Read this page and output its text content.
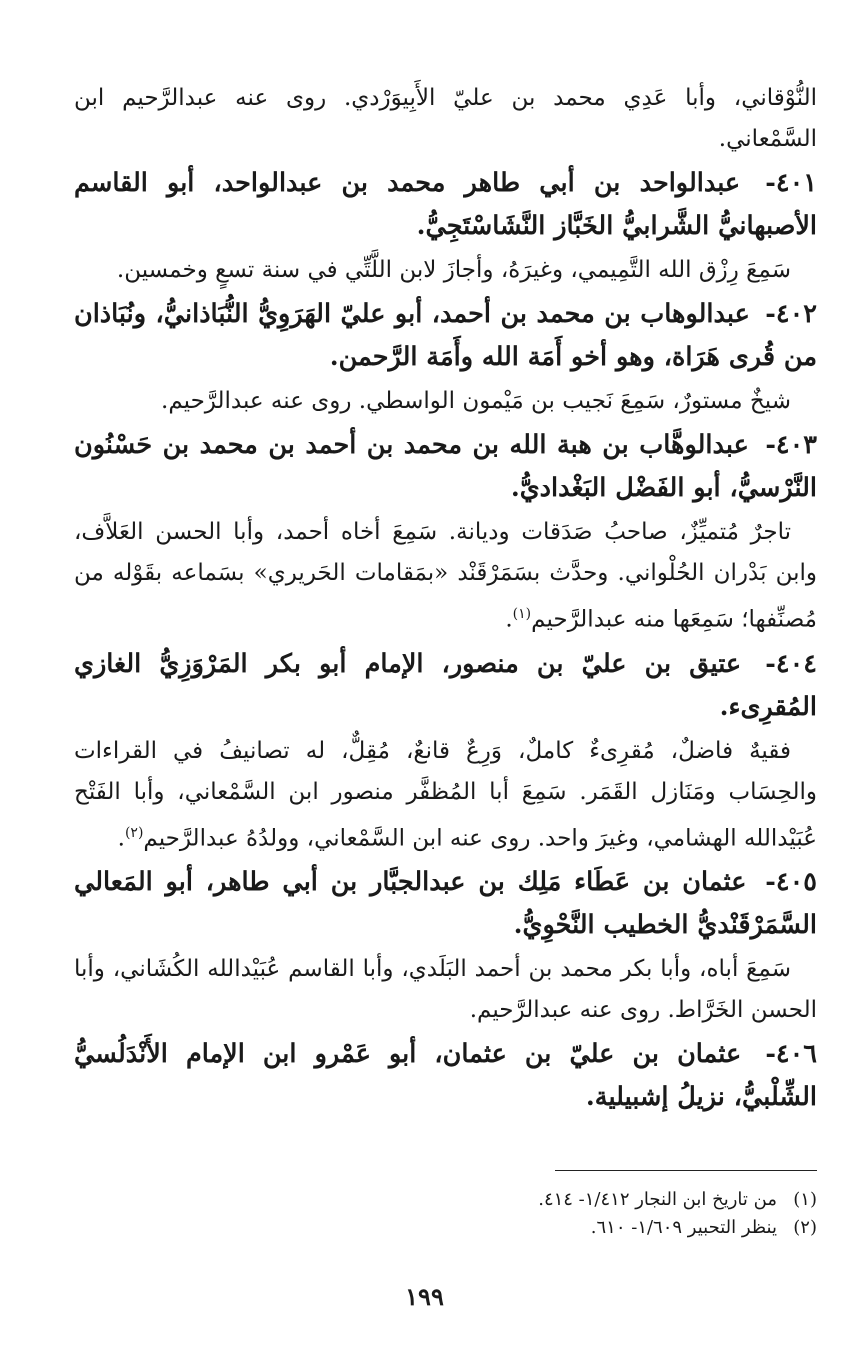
النُّوْقاني، وأبا عَدِي محمد بن عليّ الأَبِيوَرْدي. روى عنه عبدالرَّحيم ابن السَّمْعاني.

٤٠١- عبدالواحد بن أبي طاهر محمد بن عبدالواحد، أبو القاسم الأصبهانيُّ الشَّرابيُّ الخَبَّاز النَّشَاسْتَجِيُّ.

سَمِعَ رِزْق الله التَّمِيمي، وغيرَهُ، وأجازَ لابن اللَّتِّي في سنة تسعٍ وخمسين.

٤٠٢- عبدالوهاب بن محمد بن أحمد، أبو عليّ الهَرَوِيُّ النُّبَاذانيُّ، ونُبَاذان من قُرى هَرَاة، وهو أخو أَمَة الله وأَمَة الرَّحمن.

شيخٌ مستورٌ، سَمِعَ نَجيب بن مَيْمون الواسطي. روى عنه عبدالرَّحيم.

٤٠٣- عبدالوهَّاب بن هبة الله بن محمد بن أحمد بن محمد بن حَسْنُون النَّرْسيُّ، أبو الفَضْل البَغْداديُّ.

تاجرٌ مُتميِّزٌ، صاحبُ صَدَقات وديانة. سَمِعَ أخاه أحمد، وأبا الحسن العَلاَّف، وابن بَدْران الحُلْواني. وحدَّث بسَمَرْقَنْد «بمَقامات الحَريري» بسَماعه بقَوْله من مُصنِّفها؛ سَمِعَها منه عبدالرَّحيم$^{(١)}$.

٤٠٤- عتيق بن عليّ بن منصور، الإمام أبو بكر المَرْوَزِيُّ الغازي المُقرِىء.

فقيهٌ فاضلٌ، مُقرِىءٌ كاملٌ، وَرِعٌ قانعٌ، مُقِلٌّ، له تصانيفُ في القراءات والحِسَاب ومَنَازل القَمَر. سَمِعَ أبا المُظفَّر منصور ابن السَّمْعاني، وأبا الفَتْح عُبَيْدالله الهشامي، وغيرَ واحد. روى عنه ابن السَّمْعاني، وولدُهُ عبدالرَّحيم$^{(٢)}$.

٤٠٥- عثمان بن عَطَاء مَلِك بن عبدالجبَّار بن أبي طاهر، أبو المَعالي السَّمَرْقَنْديُّ الخطيب النَّحْوِيُّ.

سَمِعَ أباه، وأبا بكر محمد بن أحمد البَلَدي، وأبا القاسم عُبَيْدالله الكُشَاني، وأبا الحسن الخَرَّاط. روى عنه عبدالرَّحيم.

٤٠٦- عثمان بن عليّ بن عثمان، أبو عَمْرو ابن الإمام الأَنْدَلُسيُّ الشِّلْبيُّ، نزيلُ إشبيلية.

(١)من تاريخ ابن النجار ١/٤١٢- ٤١٤.

(٢)ينظر التحبير ١/٦٠٩- ٦١٠.

١٩٩
